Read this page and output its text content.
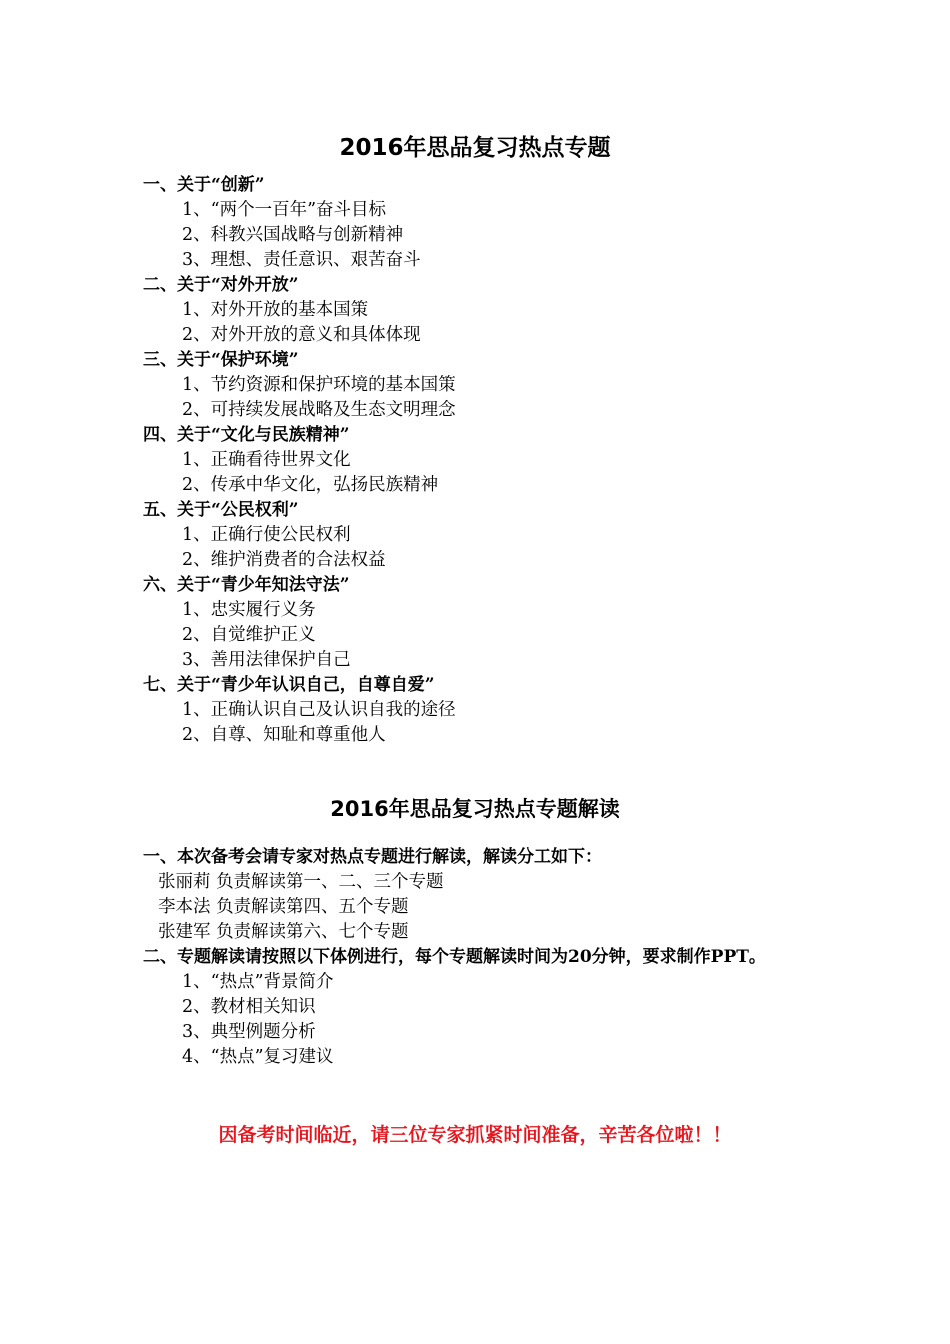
2016年思品复习热点专题
一、关于“创新”
1、“两个一百年”奋斗目标
2、科教兴国战略与创新精神
3、理想、责任意识、艰苦奋斗
二、关于“对外开放”
1、对外开放的基本国策
2、对外开放的意义和具体体现
三、关于“保护环境”
1、节约资源和保护环境的基本国策
2、可持续发展战略及生态文明理念
四、关于“文化与民族精神”
1、正确看待世界文化
2、传承中华文化，弘扬民族精神
五、关于“公民权利”
1、正确行使公民权利
2、维护消费者的合法权益
六、关于“青少年知法守法”
1、忠实履行义务
2、自觉维护正义
3、善用法律保护自己
七、关于“青少年认识自己，自尊自爱”
1、正确认识自己及认识自我的途径
2、自尊、知耻和尊重他人
2016年思品复习热点专题解读
一、本次备考会请专家对热点专题进行解读，解读分工如下：
张丽莉 负责解读第一、二、三个专题
李本法 负责解读第四、五个专题
张建军 负责解读第六、七个专题
二、专题解读请按照以下体例进行，每个专题解读时间为20分钟，要求制作PPT。
1、“热点”背景简介
2、教材相关知识
3、典型例题分析
4、“热点”复习建议
因备考时间临近，请三位专家抓紧时间准备，辛苦各位啦！！
